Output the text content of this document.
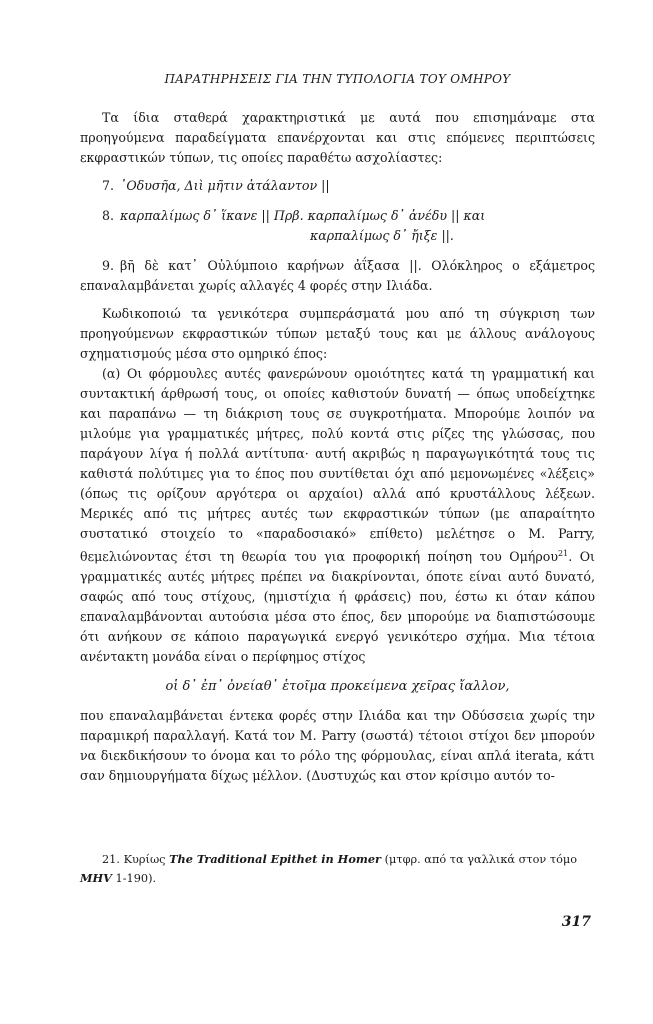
ΠΑΡΑΤΗΡΗΣΕΙΣ ΓΙΑ ΤΗΝ ΤΥΠΟΛΟΓΙΑ ΤΟΥ ΟΜΗΡΟΥ

Τα ίδια σταθερά χαρακτηριστικά με αυτά που επισημάναμε στα προηγούμενα παραδείγματα επανέρχονται και στις επόμενες περιπτώσεις εκφραστικών τύπων, τις οποίες παραθέτω ασχολίαστες:

7. ᾿Οδυσῆα, Διὶ μῆτιν ἀτάλαντον ||

8. καρπαλίμως δ᾽ ἵκανε || Πρβ. καρπαλίμως δ᾽ ἀνέδυ || και

καρπαλίμως δ᾽ ἤιξε ||.

9. βῆ δὲ κατ᾽ Οὐλύμποιο καρήνων ἀΐξασα ||. Ολόκληρος ο εξάμετρος επαναλαμβάνεται χωρίς αλλαγές 4 φορές στην Ιλιάδα.

Κωδικοποιώ τα γενικότερα συμπεράσματά μου από τη σύγκριση των προηγούμενων εκφραστικών τύπων μεταξύ τους και με άλλους ανάλογους σχηματισμούς μέσα στο ομηρικό έπος:

(α) Οι φόρμουλες αυτές φανερώνουν ομοιότητες κατά τη γραμματική και συντακτική άρθρωσή τους, οι οποίες καθιστούν δυνατή — όπως υποδείχτηκε και παραπάνω — τη διάκριση τους σε συγκροτήματα. Μπορούμε λοιπόν να μιλούμε για γραμματικές μήτρες, πολύ κοντά στις ρίζες της γλώσσας, που παράγουν λίγα ή πολλά αντίτυπα· αυτή ακριβώς η παραγωγικότητά τους τις καθιστά πολύτιμες για το έπος που συντίθεται όχι από μεμονωμένες «λέξεις» (όπως τις ορίζουν αργότερα οι αρχαίοι) αλλά από κρυστάλλους λέξεων. Μερικές από τις μήτρες αυτές των εκφραστικών τύπων (με απαραίτητο συστατικό στοιχείο το «παραδοσιακό» επίθετο) μελέτησε ο Μ. Parry, θεμελιώνοντας έτσι τη θεωρία του για προφορική ποίηση του Ομήρου$^{21}$. Οι γραμματικές αυτές μήτρες πρέπει να διακρίνονται, όποτε είναι αυτό δυνατό, σαφώς από τους στίχους, (ημιστίχια ή φράσεις) που, έστω κι όταν κάπου επαναλαμβάνονται αυτούσια μέσα στο έπος, δεν μπορούμε να διαπιστώσουμε ότι ανήκουν σε κάποιο παραγωγικά ενεργό γενικότερο σχήμα. Μια τέτοια ανέντακτη μονάδα είναι ο περίφημος στίχος

οἱ δ᾽ ἐπ᾽ ὀνείαθ᾽ ἑτοῖμα προκείμενα χεῖρας ἴαλλον,

που επαναλαμβάνεται έντεκα φορές στην Ιλιάδα και την Οδύσσεια χωρίς την παραμικρή παραλλαγή. Κατά τον Μ. Parry (σωστά) τέτοιοι στίχοι δεν μπορούν να διεκδικήσουν το όνομα και το ρόλο της φόρμουλας, είναι απλά iterata, κάτι σαν δημιουργήματα δίχως μέλλον. (Δυστυχώς και στον κρίσιμο αυτόν το-

21. Κυρίως The Traditional Epithet in Homer (μτφρ. από τα γαλλικά στον τόμο MHV 1-190).

317
